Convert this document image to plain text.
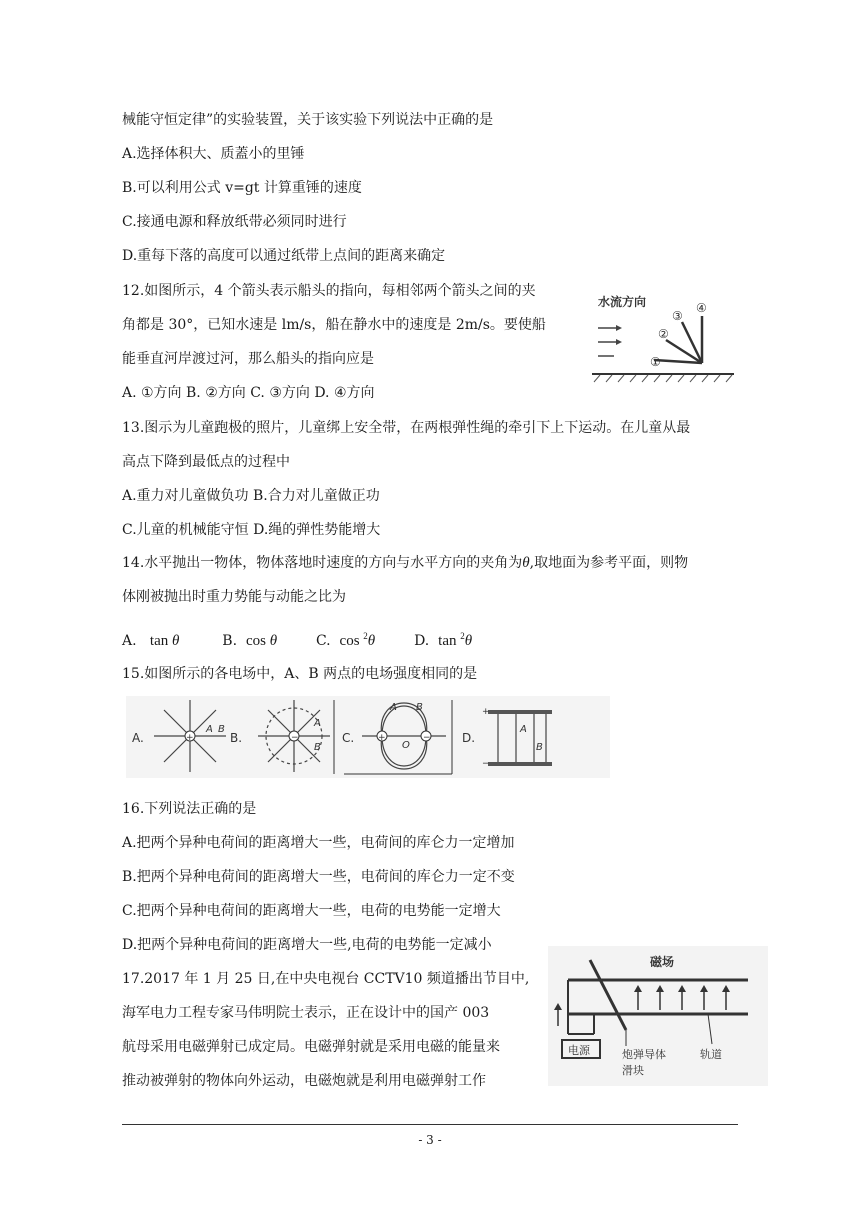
械能守恒定律”的实验装置，关于该实验下列说法中正确的是
A.选择体积大、质蓋小的里锤
B.可以利用公式 v=gt 计算重锤的速度
C.接通电源和释放纸带必须同时进行
D.重每下落的高度可以通过纸带上点间的距离来确定
12.如图所示，4 个箭头表示船头的指向，每相邻两个箭头之间的夹
角都是 30°，已知水速是 lm/s，船在静水中的速度是 2m/s。要使船
能垂直河岸渡过河，那么船头的指向应是
A. ①方向 B. ②方向 C. ③方向 D. ④方向
水流方向
①
②
③
④
13.图示为儿童跑极的照片，儿童绑上安全带，在两根弹性绳的牵引下上下运动。在儿童从最
高点下降到最低点的过程中
A.重力对儿童做负功 B.合力对儿童做正功
C.儿童的机械能守恒 D.绳的弹性势能增大
14.水平抛出一物体，物体落地时速度的方向与水平方向的夹角为θ,取地面为参考平面，则物
体刚被抛出时重力势能与动能之比为
A. tan θ	B. cos θ	C. cos $^2$θ	D. tan $^2$θ
15.如图所示的各电场中，A、B 两点的电场强度相同的是
A.	+
A B
B.	−
A
B
C.	+	−
A B
O
D.
+
−
A
B
16.下列说法正确的是
A.把两个异种电荷间的距离增大一些，电荷间的库仑力一定增加
B.把两个异种电荷间的距离增大一些，电荷间的库仑力一定不变
C.把两个异种电荷间的距离增大一些，电荷的电势能一定增大
D.把两个异种电荷间的距离增大一些,电荷的电势能一定减小
17.2017 年 1 月 25 日,在中央电视台 CCTV10 频道播出节目中,
海军电力工程专家马伟明院士表示，正在设计中的国产 003
航母采用电磁弹射已成定局。电磁弹射就是采用电磁的能量来
推动被弹射的物体向外运动，电磁炮就是利用电磁弹射工作
磁场
电源	炮弹导体
滑块
轨道
- 3 -
